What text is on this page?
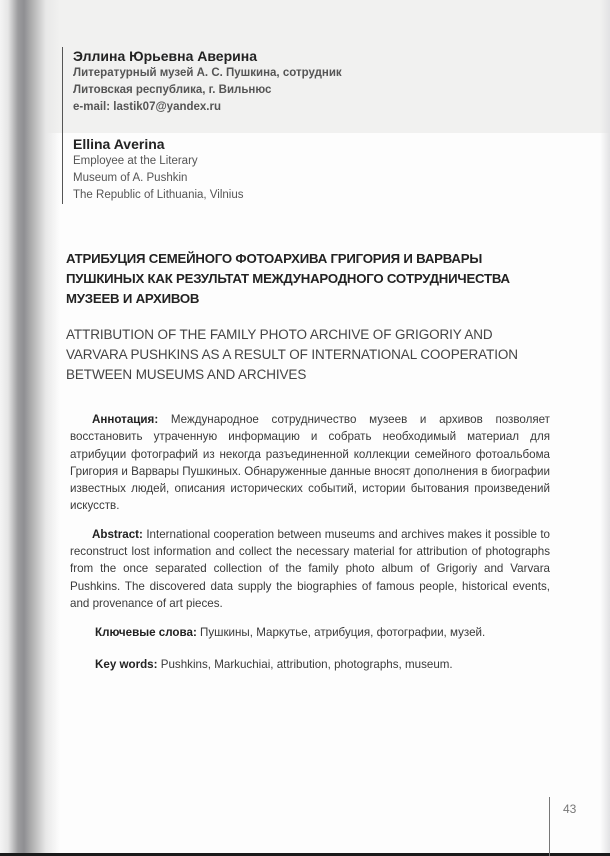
Эллина Юрьевна Аверина
Литературный музей А. С. Пушкина, сотрудник
Литовская республика, г. Вильнюс
e-mail: lastik07@yandex.ru
Ellina Averina
Employee at the Literary
Museum of A. Pushkin
The Republic of Lithuania, Vilnius
АТРИБУЦИЯ СЕМЕЙНОГО ФОТОАРХИВА ГРИГОРИЯ И ВАРВАРЫ ПУШКИНЫХ КАК РЕЗУЛЬТАТ МЕЖДУНАРОДНОГО СОТРУДНИЧЕСТВА МУЗЕЕВ И АРХИВОВ
ATTRIBUTION OF THE FAMILY PHOTO ARCHIVE OF GRIGORIY AND VARVARA PUSHKINS AS A RESULT OF INTERNATIONAL COOPERATION BETWEEN MUSEUMS AND ARCHIVES
Аннотация: Международное сотрудничество музеев и архивов позволяет восстановить утраченную информацию и собрать необходимый материал для атрибуции фотографий из некогда разъединенной коллекции семейного фотоальбома Григория и Варвары Пушкиных. Обнаруженные данные вносят дополнения в биографии известных людей, описания исторических событий, истории бытования произведений искусств.
Abstract: International cooperation between museums and archives makes it possible to reconstruct lost information and collect the necessary material for attribution of photographs from the once separated collection of the family photo album of Grigoriy and Varvara Pushkins. The discovered data supply the biographies of famous people, historical events, and provenance of art pieces.
Ключевые слова: Пушкины, Маркутье, атрибуция, фотографии, музей.
Key words: Pushkins, Markuchiai, attribution, photographs, museum.
43
